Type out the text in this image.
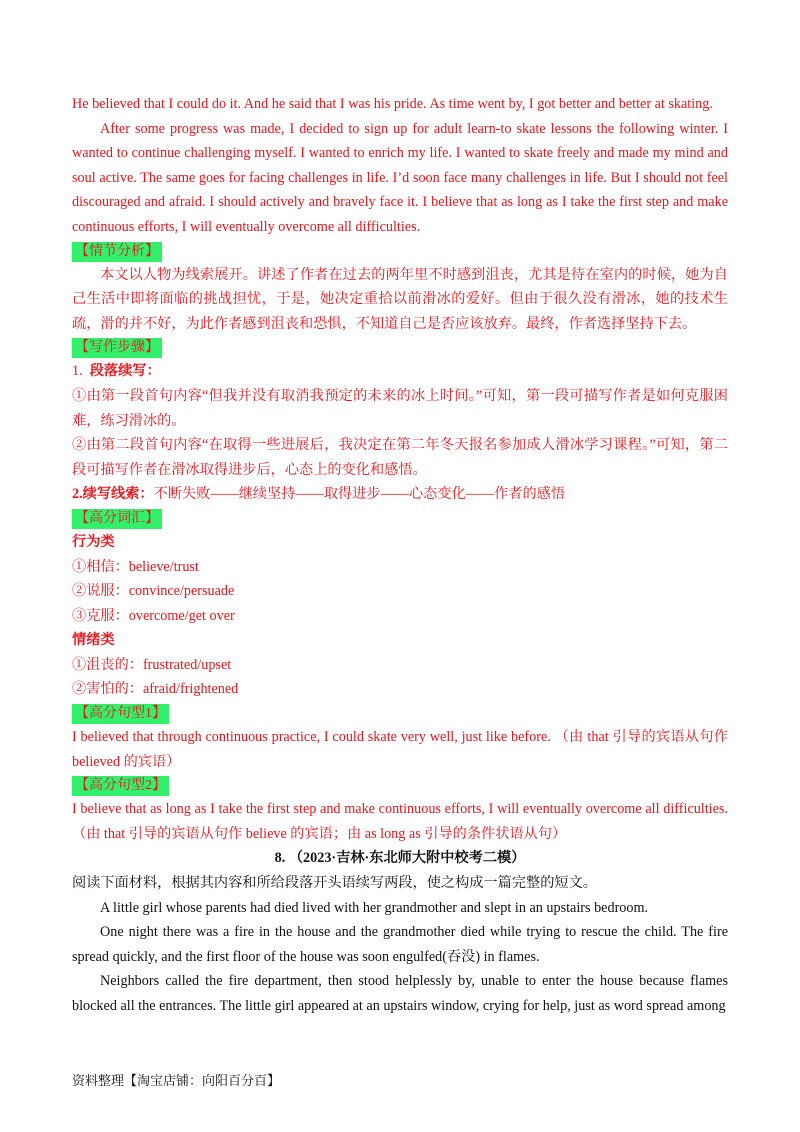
He believed that I could do it. And he said that I was his pride. As time went by, I got better and better at skating.

After some progress was made, I decided to sign up for adult learn-to skate lessons the following winter. I wanted to continue challenging myself. I wanted to enrich my life. I wanted to skate freely and made my mind and soul active. The same goes for facing challenges in life. I’d soon face many challenges in life. But I should not feel discouraged and afraid. I should actively and bravely face it. I believe that as long as I take the first step and make continuous efforts, I will eventually overcome all difficulties.

【情节分析】

本文以人物为线索展开。讲述了作者在过去的两年里不时感到沮丧，尤其是待在室内的时候，她为自己生活中即将面临的挑战担忧，于是，她决定重拾以前滑冰的爱好。但由于很久没有滑冰，她的技术生疏，滑的并不好，为此作者感到沮丧和恐惧，不知道自己是否应该放弃。最终，作者选择坚持下去。

【写作步骤】

1. 段落续写：

①由第一段首句内容“但我并没有取消我预定的未来的冰上时间。”可知，第一段可描写作者是如何克服困难，练习滑冰的。

②由第二段首句内容“在取得一些进展后，我决定在第二年冬天报名参加成人滑冰学习课程。”可知，第二段可描写作者在滑冰取得进步后，心态上的变化和感悟。

2.续写线索：不断失败——继续坚持——取得进步——心态变化——作者的感悟

【高分词汇】

行为类

①相信：believe/trust

②说服：convince/persuade

③克服：overcome/get over

情绪类

①沮丧的：frustrated/upset

②害怕的：afraid/frightened

【高分句型1】

I believed that through continuous practice, I could skate very well, just like before. （由 that 引导的宾语从句作 believed 的宾语）

【高分句型2】

I believe that as long as I take the first step and make continuous efforts, I will eventually overcome all difficulties.（由 that 引导的宾语从句作 believe 的宾语；由 as long as 引导的条件状语从句）

8. （2023·吉林·东北师大附中校考二模）

阅读下面材料，根据其内容和所给段落开头语续写两段，使之构成一篇完整的短文。

A little girl whose parents had died lived with her grandmother and slept in an upstairs bedroom.

One night there was a fire in the house and the grandmother died while trying to rescue the child. The fire spread quickly, and the first floor of the house was soon engulfed(吞没) in flames.

Neighbors called the fire department, then stood helplessly by, unable to enter the house because flames blocked all the entrances. The little girl appeared at an upstairs window, crying for help, just as word spread among

资料整理【淘宝店铺：向阳百分百】
